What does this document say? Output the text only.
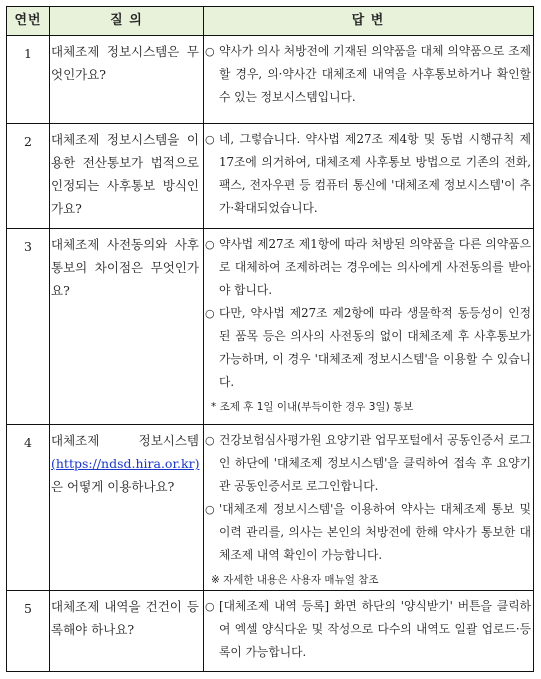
연번	질 의	답 변
1	대체조제 정보시스템은 무엇인가요?
○ 약사가 의사 처방전에 기재된 의약품을 대체 의약품으로 조제할 경우, 의·약사간 대체조제 내역을 사후통보하거나 확인할 수 있는 정보시스템입니다.
2	대체조제 정보시스템을 이용한 전산통보가 법적으로 인정되는 사후통보 방식인가요?
○ 네, 그렇습니다. 약사법 제27조 제4항 및 동법 시행규칙 제17조에 의거하여, 대체조제 사후통보 방법으로 기존의 전화, 팩스, 전자우편 등 컴퓨터 통신에 '대체조제 정보시스템'이 추가·확대되었습니다.
3	대체조제 사전동의와 사후통보의 차이점은 무엇인가요?
○ 약사법 제27조 제1항에 따라 처방된 의약품을 다른 의약품으로 대체하여 조제하려는 경우에는 의사에게 사전동의를 받아야 합니다.
○ 다만, 약사법 제27조 제2항에 따라 생물학적 동등성이 인정된 품목 등은 의사의 사전동의 없이 대체조제 후 사후통보가 가능하며, 이 경우 '대체조제 정보시스템'을 이용할 수 있습니다.
* 조제 후 1일 이내(부득이한 경우 3일) 통보
4	대체조제 정보시스템 (https://ndsd.hira.or.kr)은 어떻게 이용하나요?
○ 건강보험심사평가원 요양기관 업무포털에서 공동인증서 로그인 하단에 '대체조제 정보시스템'을 클릭하여 접속 후 요양기관 공동인증서로 로그인합니다.
○ '대체조제 정보시스템'을 이용하여 약사는 대체조제 통보 및 이력 관리를, 의사는 본인의 처방전에 한해 약사가 통보한 대체조제 내역 확인이 가능합니다.
※ 자세한 내용은 사용자 매뉴얼 참조
5	대체조제 내역을 건건이 등록해야 하나요?
○ [대체조제 내역 등록] 화면 하단의 '양식받기' 버튼을 클릭하여 엑셀 양식다운 및 작성으로 다수의 내역도 일괄 업로드·등록이 가능합니다.
